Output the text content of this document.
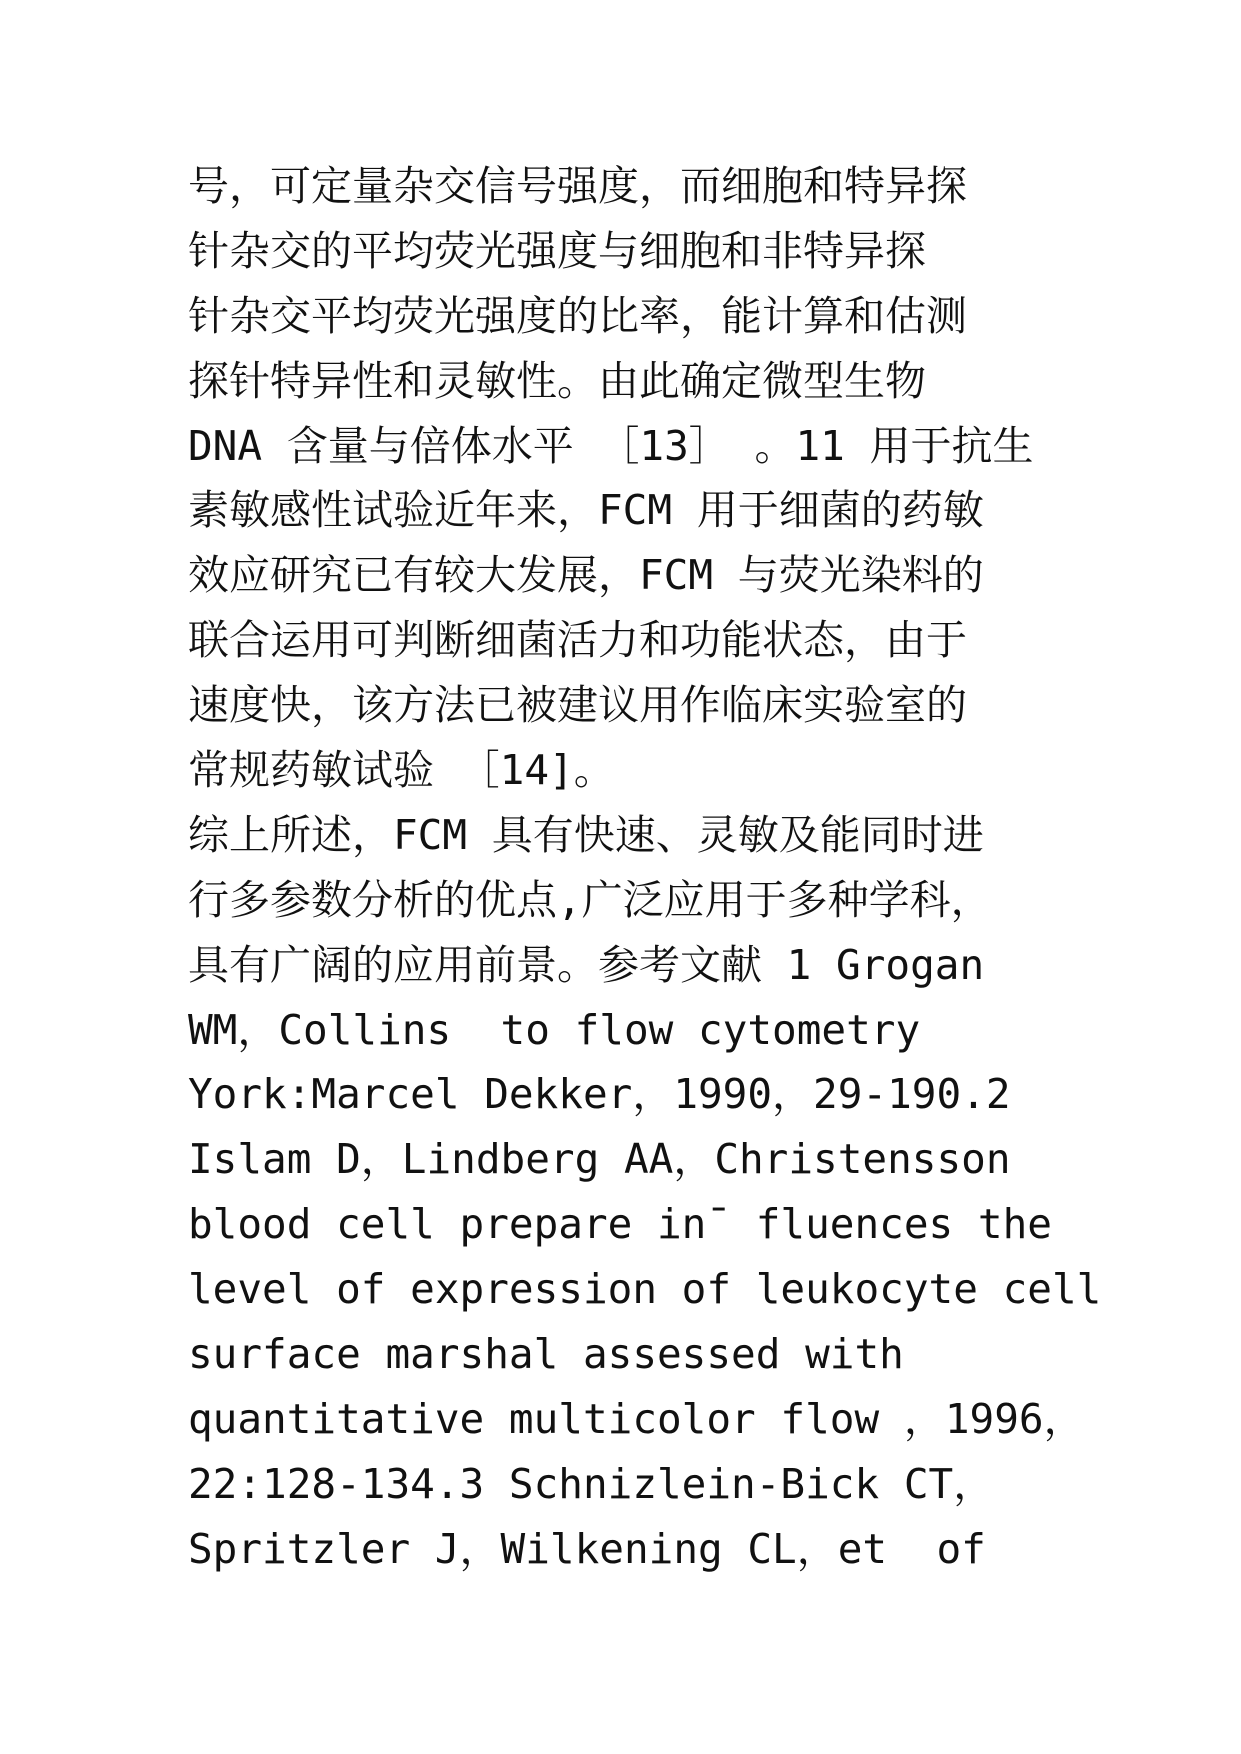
号，可定量杂交信号强度，而细胞和特异探
针杂交的平均荧光强度与细胞和非特异探
针杂交平均荧光强度的比率，能计算和估测
探针特异性和灵敏性。由此确定微型生物
DNA 含量与倍体水平 ［13］ 。11 用于抗生
素敏感性试验近年来，FCM 用于细菌的药敏
效应研究已有较大发展，FCM 与荧光染料的
联合运用可判断细菌活力和功能状态，由于
速度快，该方法已被建议用作临床实验室的
常规药敏试验 ［14]。
综上所述，FCM 具有快速、灵敏及能同时进
行多参数分析的优点,广泛应用于多种学科，
具有广阔的应用前景。参考文献 1 Grogan
WM，Collins  to flow cytometry
York:Marcel Dekker，1990，29-190.2
Islam D，Lindberg AA，Christensson
blood cell prepare in¯ fluences the
level of expression of leukocyte cell
surface marshal assessed with
quantitative multicolor flow ，1996，
22:128-134.3 Schnizlein-Bick CT，
Spritzler J，Wilkening CL，et  of
